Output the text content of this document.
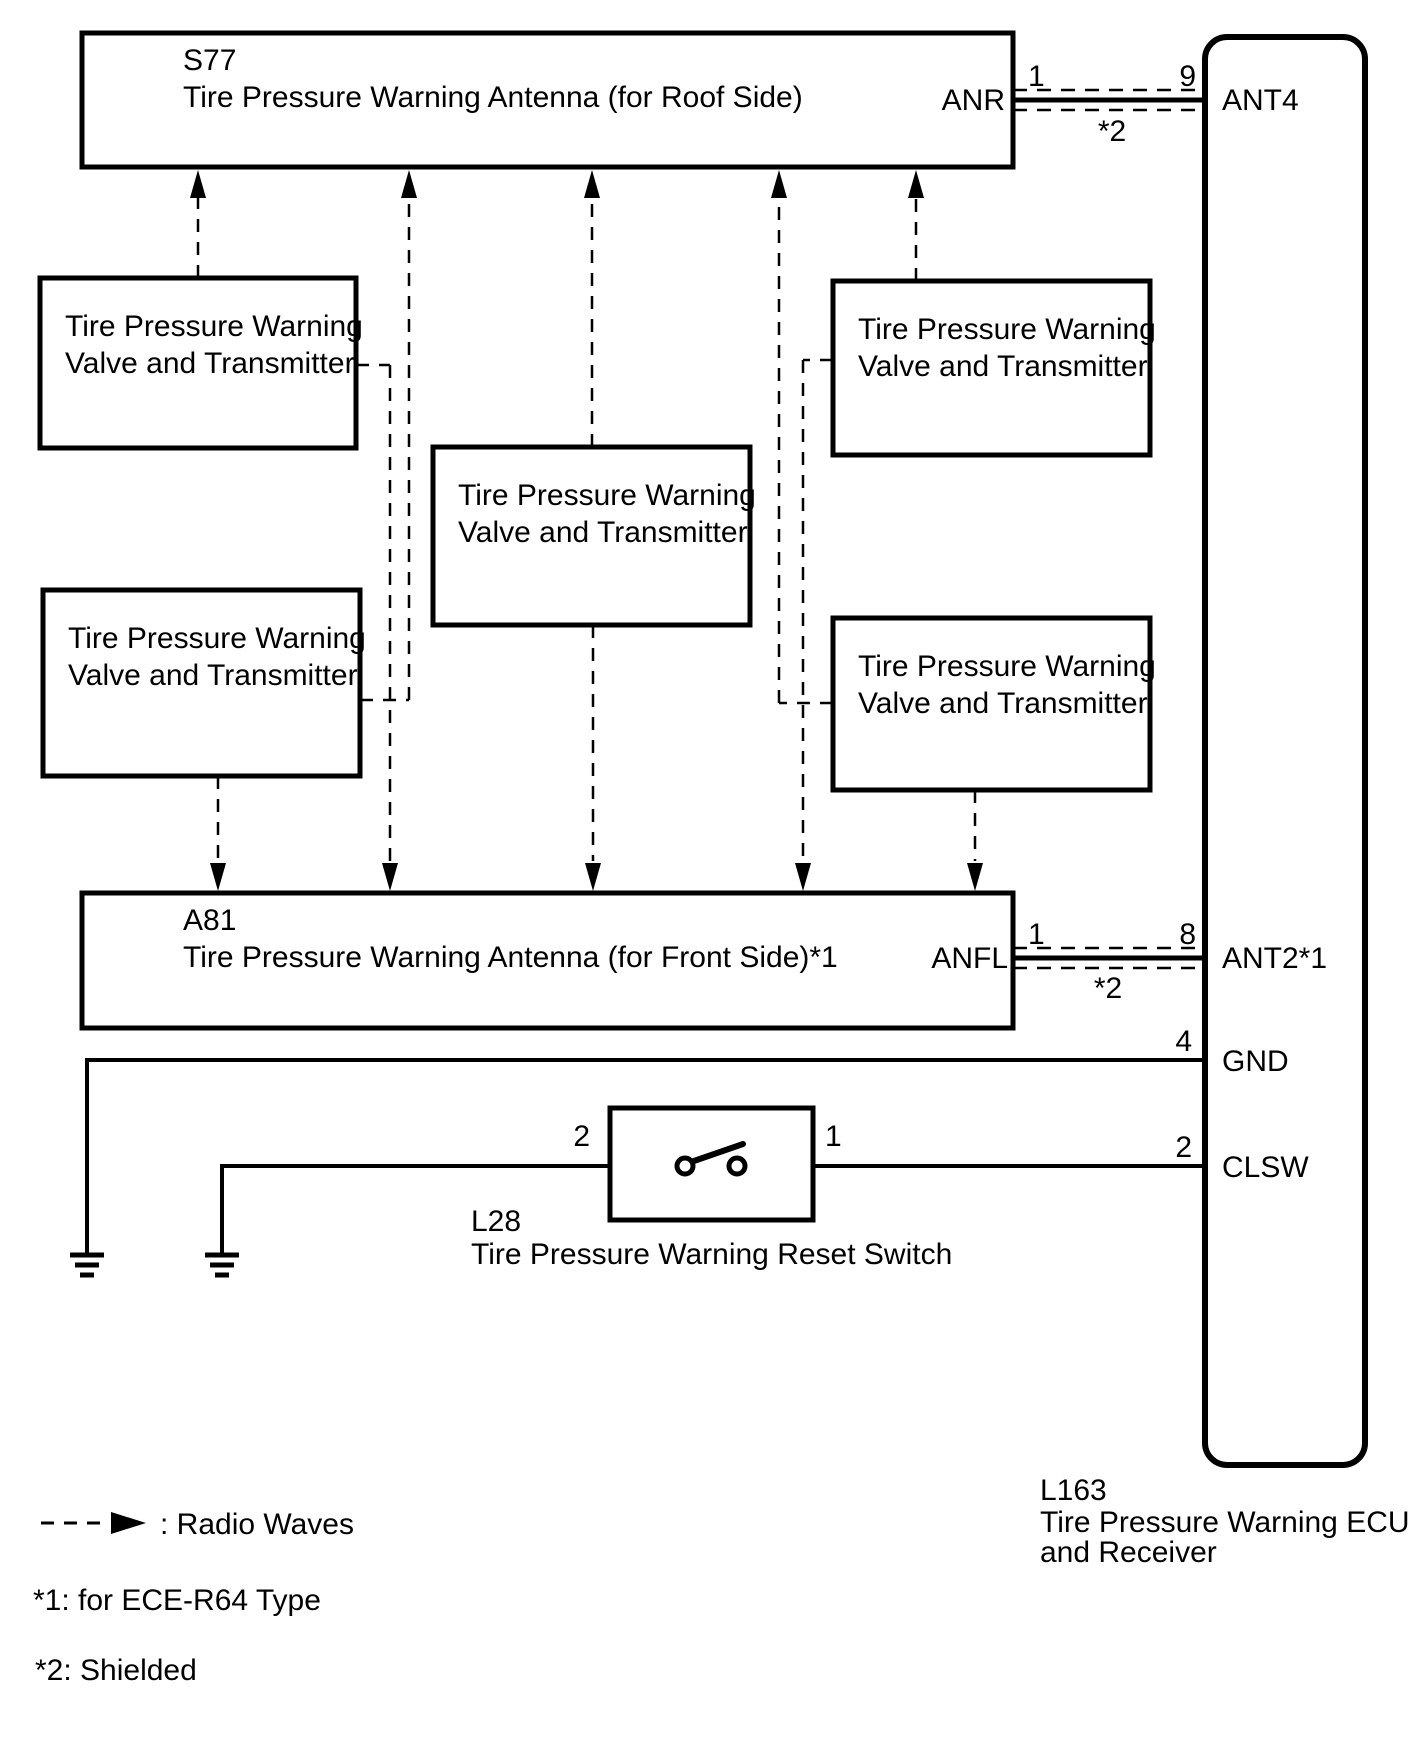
S77
Tire Pressure Warning Antenna (for Roof Side)	ANR
1	9
*2
ANT4
ANT2*1
GND
CLSW
Tire Pressure Warning
Valve and Transmitter
Tire Pressure Warning
Valve and Transmitter
Tire Pressure Warning
Valve and Transmitter
Tire Pressure Warning
Valve and Transmitter	Tire Pressure Warning
Valve and Transmitter
A81
Tire Pressure Warning Antenna (for Front Side)*1	ANFL
1	8
*2
4
2
2	1
L28
Tire Pressure Warning Reset Switch
L163
Tire Pressure Warning ECU
and Receiver
: Radio Waves
*1: for ECE-R64 Type
*2: Shielded
